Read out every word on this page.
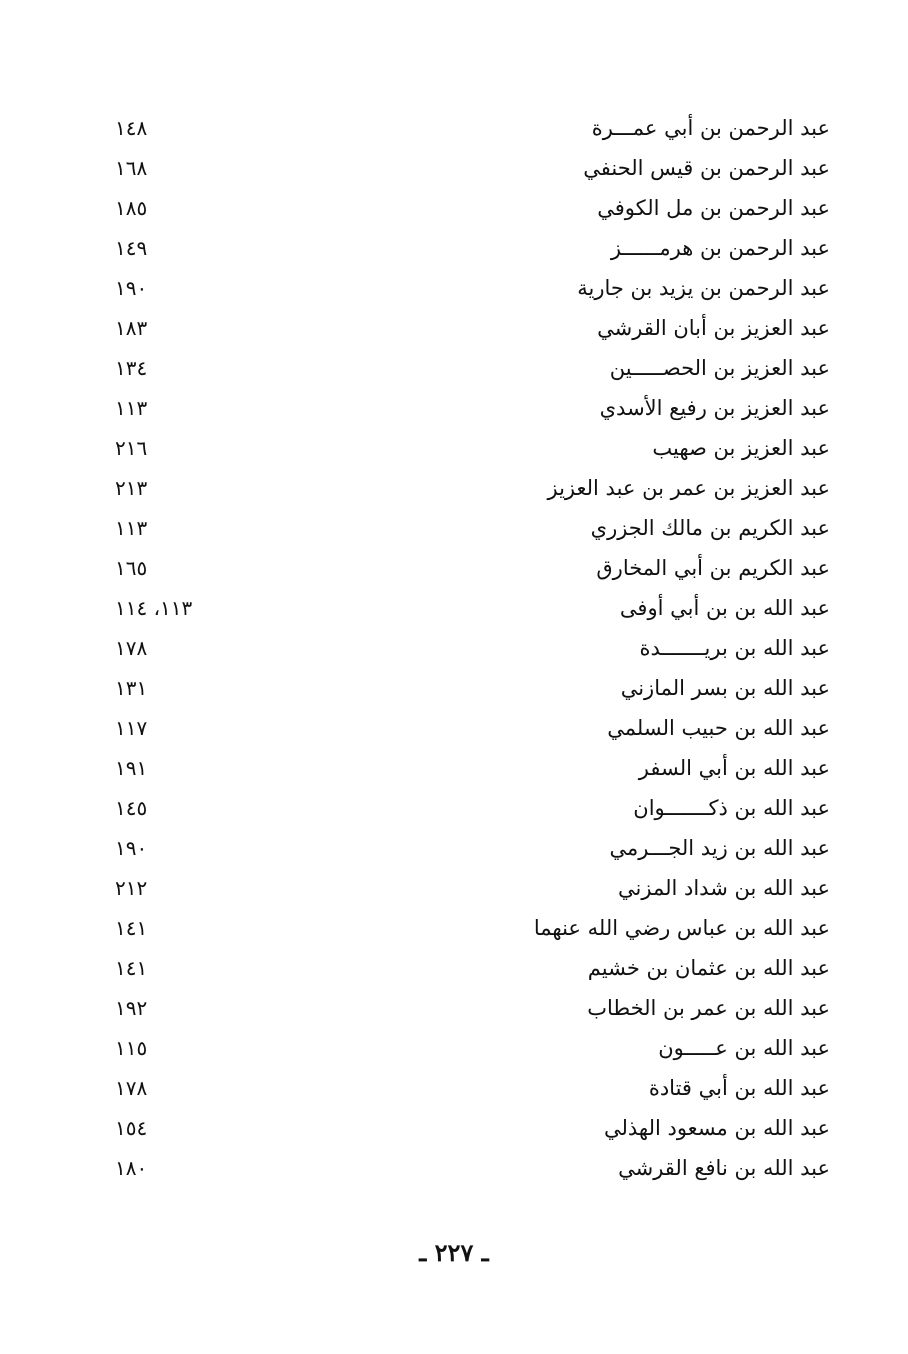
عبد الرحمن بن أبي عمـــرة
١٤٨
عبد الرحمن بن قيس الحنفي
١٦٨
عبد الرحمن بن مل الكوفي
١٨٥
عبد الرحمن بن هرمــــــز
١٤٩
عبد الرحمن بن يزيد بن جارية
١٩٠
عبد العزيز بن أبان القرشي
١٨٣
عبد العزيز بن الحصـــــين
١٣٤
عبد العزيز بن رفيع الأسدي
١١٣
عبد العزيز بن صهيب
٢١٦
عبد العزيز بن عمر بن عبد العزيز
٢١٣
عبد الكريم بن مالك الجزري
١١٣
عبد الكريم بن أبي المخارق
١٦٥
عبد الله بن بن أبي أوفى
١١٣، ١١٤
عبد الله بن بريـــــــدة
١٧٨
عبد الله بن بسر المازني
١٣١
عبد الله بن حبيب السلمي
١١٧
عبد الله بن أبي السفر
١٩١
عبد الله بن ذكـــــــوان
١٤٥
عبد الله بن زيد الجـــرمي
١٩٠
عبد الله بن شداد المزني
٢١٢
عبد الله بن عباس رضي الله عنهما
١٤١
عبد الله بن عثمان بن خشيم
١٤١
عبد الله بن عمر بن الخطاب
١٩٢
عبد الله بن عـــــون
١١٥
عبد الله بن أبي قتادة
١٧٨
عبد الله بن مسعود الهذلي
١٥٤
عبد الله بن نافع القرشي
١٨٠
ـ ٢٢٧ ـ
